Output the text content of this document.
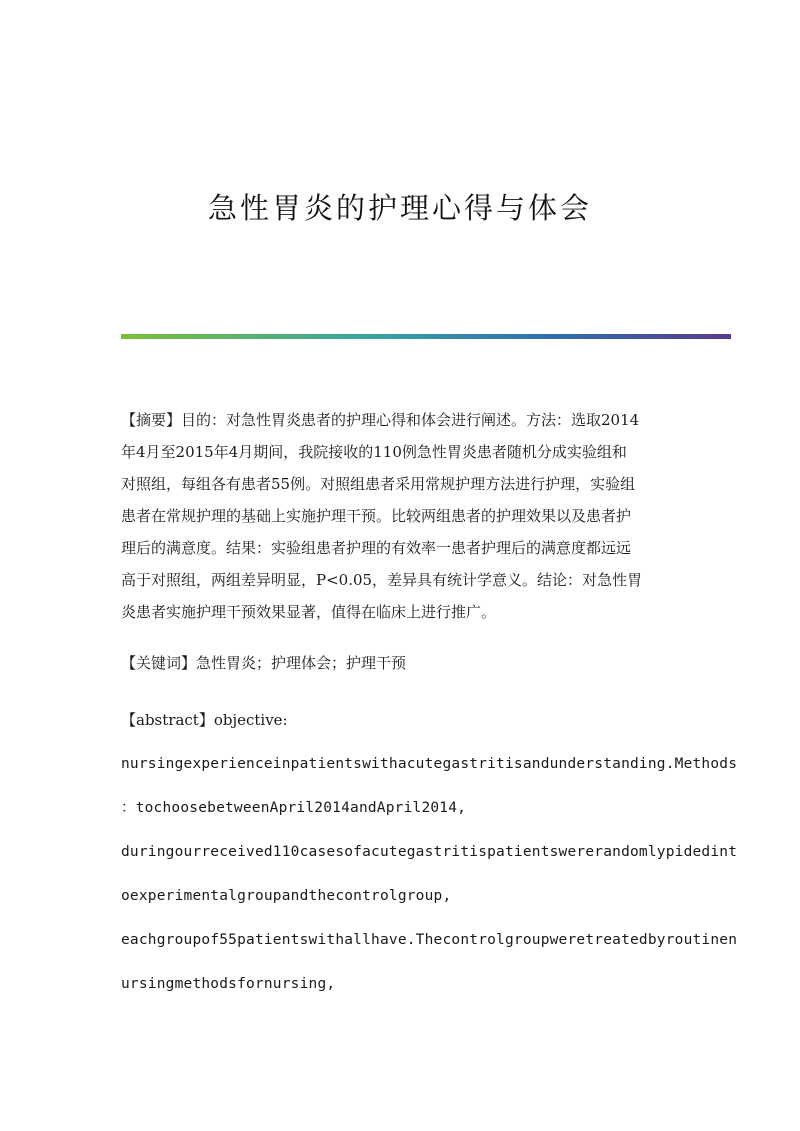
急性胃炎的护理心得与体会
【摘要】目的：对急性胃炎患者的护理心得和体会进行阐述。方法：选取2014
年4月至2015年4月期间，我院接收的110例急性胃炎患者随机分成实验组和
对照组，每组各有患者55例。对照组患者采用常规护理方法进行护理，实验组
患者在常规护理的基础上实施护理干预。比较两组患者的护理效果以及患者护
理后的满意度。结果：实验组患者护理的有效率一患者护理后的满意度都远远
高于对照组，两组差异明显，P<0.05，差异具有统计学意义。结论：对急性胃
炎患者实施护理干预效果显著，值得在临床上进行推广。
【关键词】急性胃炎；护理体会；护理干预
【abstract】objective:
nursingexperienceinpatientswithacutegastritisandunderstanding.Methods
：tochoosebetweenApril2014andApril2014,
duringourreceived110casesofacutegastritispatientswererandomlypidedint
oexperimentalgroupandthecontrolgroup,
eachgroupof55patientswithallhave.Thecontrolgroupweretreatedbyroutinen
ursingmethodsfornursing,
